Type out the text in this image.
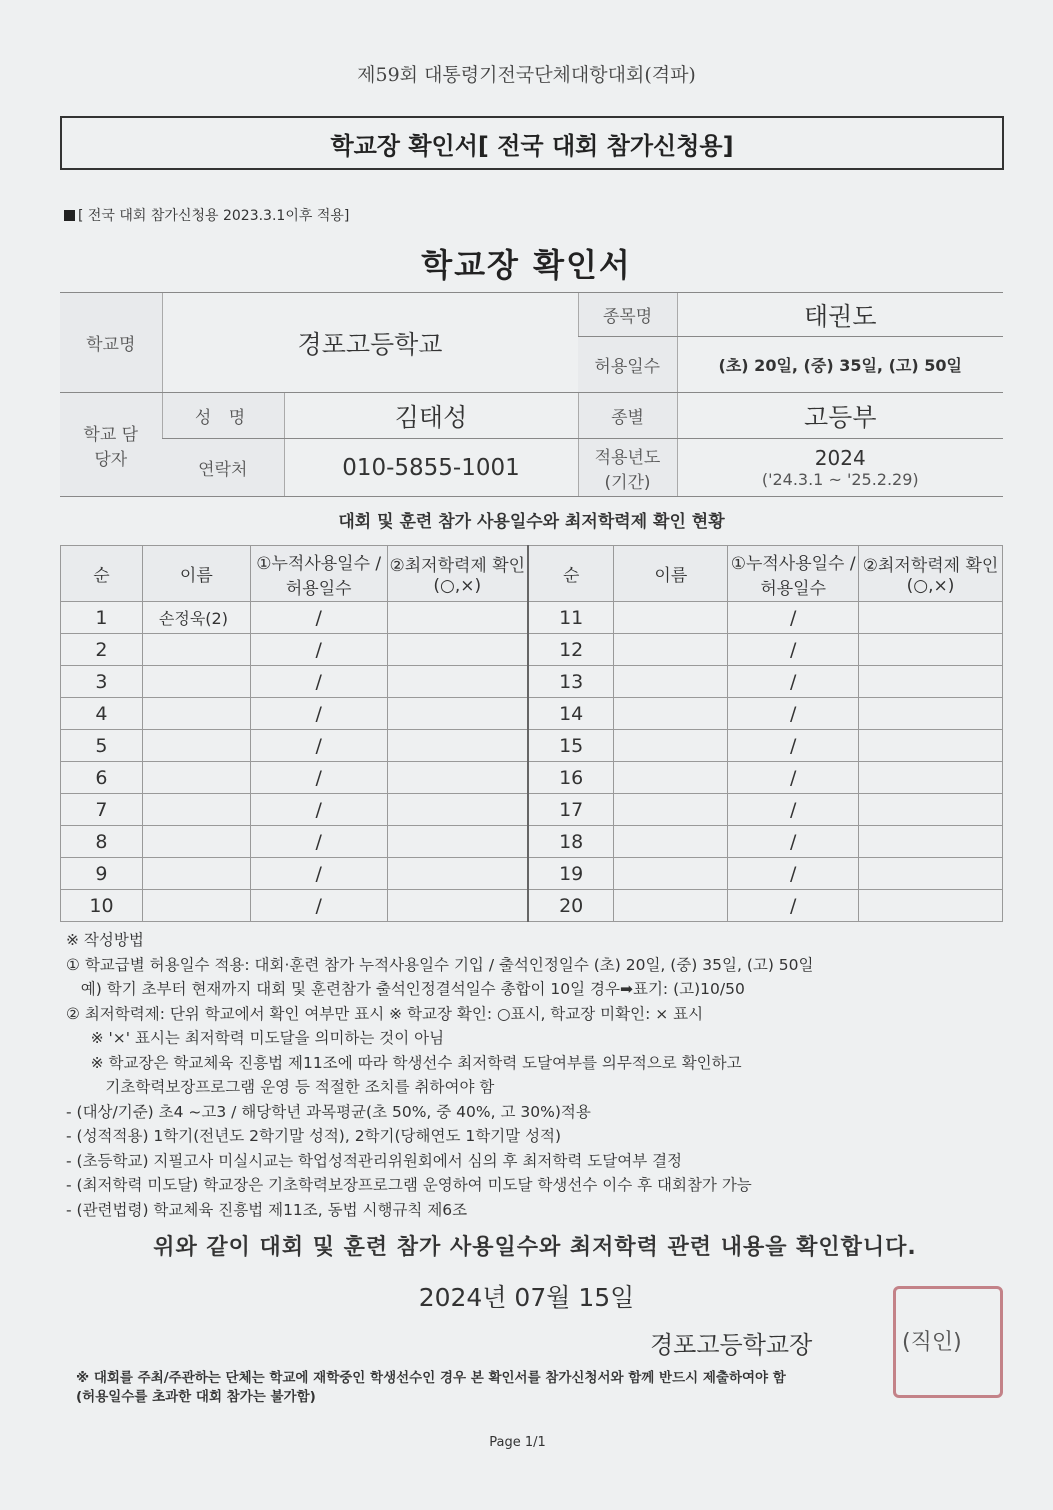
제59회 대통령기전국단체대항대회(격파)
학교장 확인서[ 전국 대회 참가신청용]
[ 전국 대회 참가신청용 2023.3.1이후 적용]
학교장 확인서
학교명	경포고등학교		종목명	태권도
			허용일수	(초) 20일, (중) 35일, (고) 50일
학교 담당자	성 명	김태성	종별	고등부
	연락처	010-5855-1001	적용년도 (기간)	2024
('24.3.1 ~ '25.2.29)
대회 및 훈련 참가 사용일수와 최저학력제 확인 현황
순	이름	①누적사용일수 /허용일수	②최저학력제 확인(○,×)	순	이름	①누적사용일수 /허용일수	②최저학력제 확인(○,×)
1	손정욱(2)	/		11		/	
2		/		12		/	
3		/		13		/	
4		/		14		/	
5		/		15		/	
6		/		16		/	
7		/		17		/	
8		/		18		/	
9		/		19		/	
10		/		20		/	
※ 작성방법
① 학교급별 허용일수 적용: 대회·훈련 참가 누적사용일수 기입 / 출석인정일수 (초) 20일, (중) 35일, (고) 50일
예) 학기 초부터 현재까지 대회 및 훈련참가 출석인정결석일수 총합이 10일 경우➡표기: (고)10/50
② 최저학력제: 단위 학교에서 확인 여부만 표시 ※ 학교장 확인: ○표시, 학교장 미확인: × 표시
※ '×' 표시는 최저학력 미도달을 의미하는 것이 아님
※ 학교장은 학교체육 진흥법 제11조에 따라 학생선수 최저학력 도달여부를 의무적으로 확인하고
기초학력보장프로그램 운영 등 적절한 조치를 취하여야 함
- (대상/기준) 초4 ~고3 / 해당학년 과목평균(초 50%, 중 40%, 고 30%)적용
- (성적적용) 1학기(전년도 2학기말 성적), 2학기(당해연도 1학기말 성적)
- (초등학교) 지필고사 미실시교는 학업성적관리위원회에서 심의 후 최저학력 도달여부 결정
- (최저학력 미도달) 학교장은 기초학력보장프로그램 운영하여 미도달 학생선수 이수 후 대회참가 가능
- (관련법령) 학교체육 진흥법 제11조, 동법 시행규칙 제6조
위와 같이 대회 및 훈련 참가 사용일수와 최저학력 관련 내용을 확인합니다.
2024년 07월 15일
경포고등학교장	(직인)
※ 대회를 주최/주관하는 단체는 학교에 재학중인 학생선수인 경우 본 확인서를 참가신청서와 함께 반드시 제출하여야 함
(허용일수를 초과한 대회 참가는 불가함)
Page 1/1
